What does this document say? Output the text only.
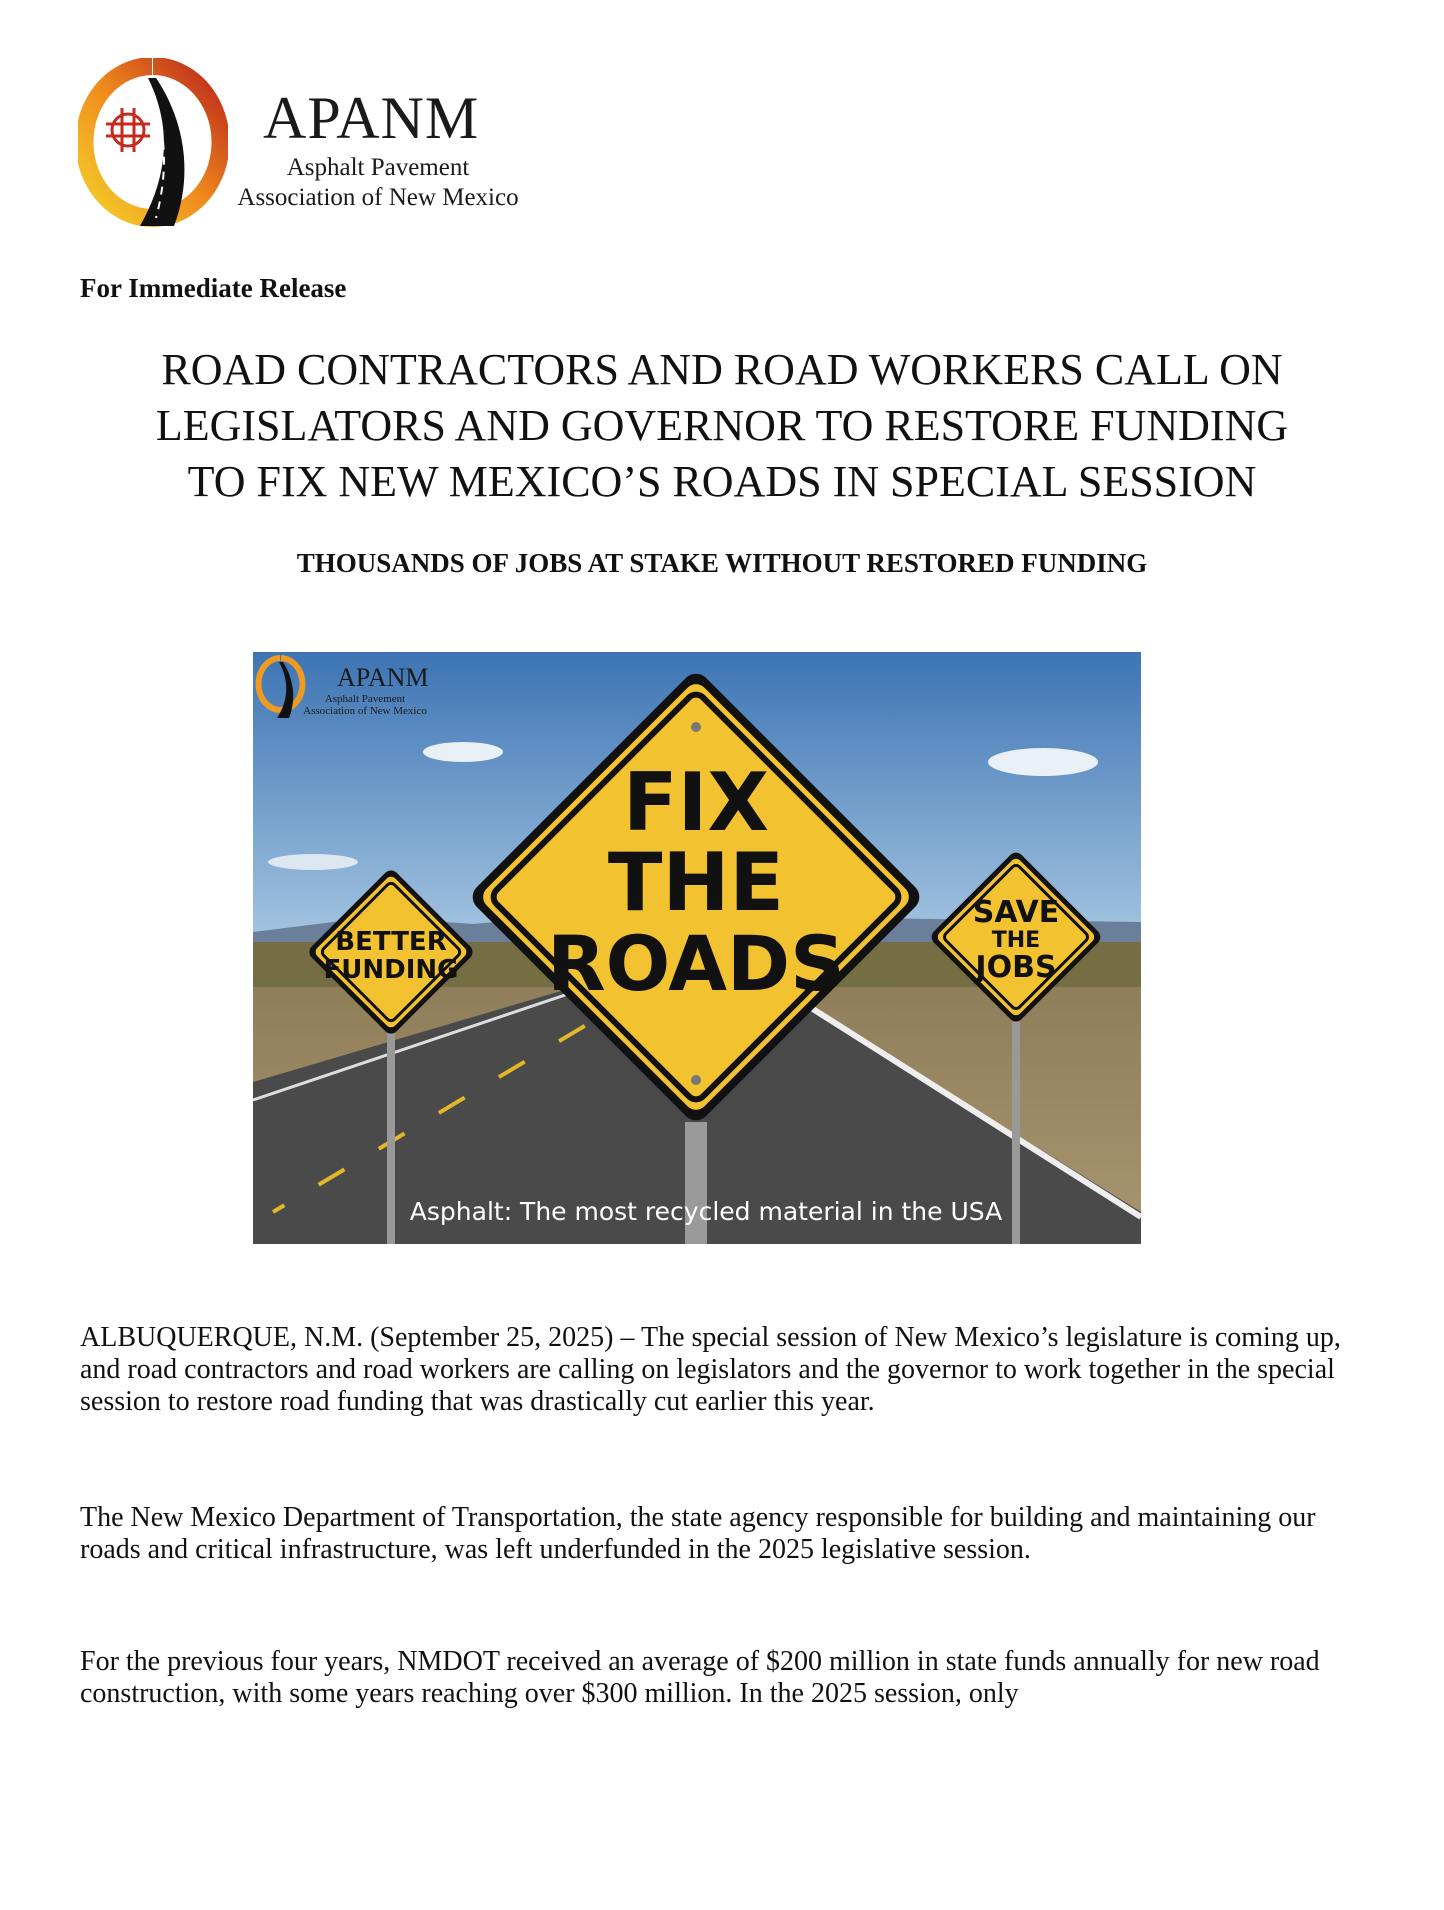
APANM
Asphalt Pavement
Association of New Mexico
For Immediate Release
ROAD CONTRACTORS AND ROAD WORKERS CALL ON
LEGISLATORS AND GOVERNOR TO RESTORE FUNDING
TO FIX NEW MEXICO’S ROADS IN SPECIAL SESSION
THOUSANDS OF JOBS AT STAKE WITHOUT RESTORED FUNDING
BETTER
FUNDING
SAVE
THE
JOBS
FIX
THE
ROADS
APANM
Asphalt Pavement
Association of New Mexico
Asphalt: The most recycled material in the USA
ALBUQUERQUE, N.M. (September 25, 2025) – The special session of New Mexico’s legislature is coming up, and road contractors and road workers are calling on legislators and the governor to work together in the special session to restore road funding that was drastically cut earlier this year.
The New Mexico Department of Transportation, the state agency responsible for building and maintaining our roads and critical infrastructure, was left underfunded in the 2025 legislative session.
For the previous four years, NMDOT received an average of $200 million in state funds annually for new road construction, with some years reaching over $300 million. In the 2025 session, only
